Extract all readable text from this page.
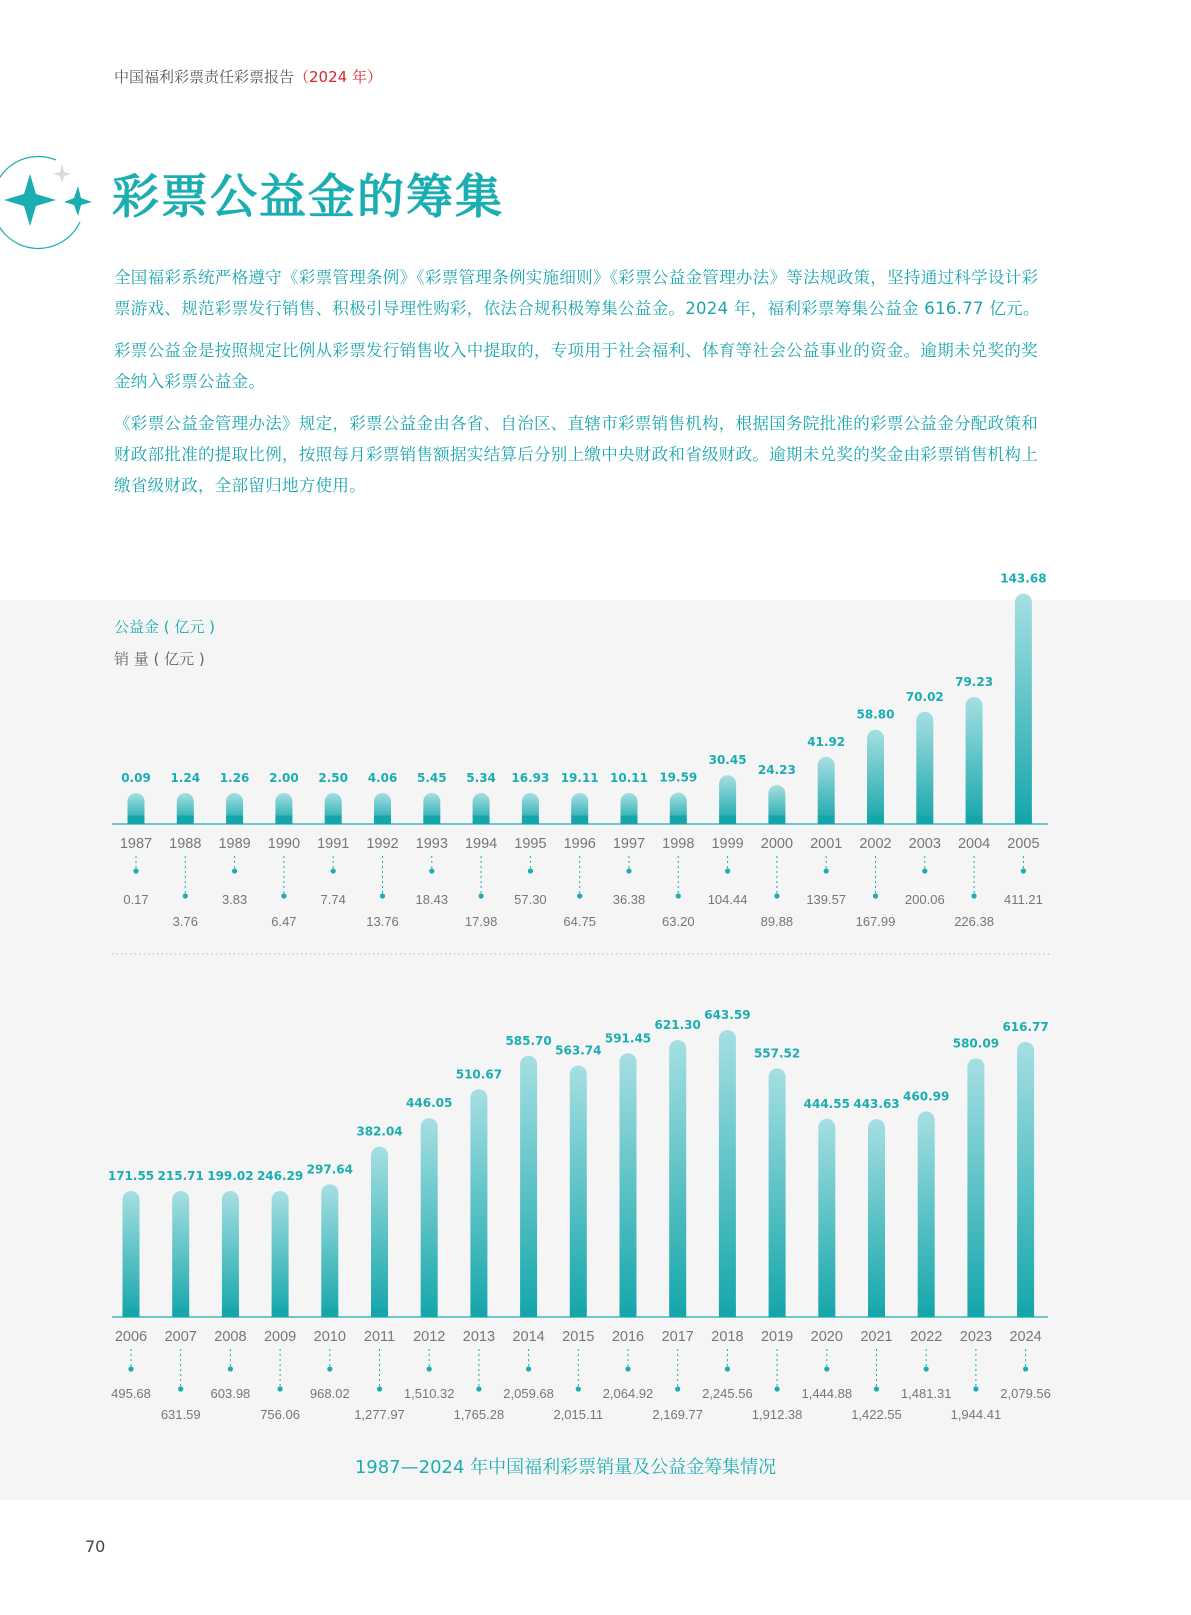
中国福利彩票责任彩票报告（2024 年）
彩票公益金的筹集

全国福彩系统严格遵守《彩票管理条例》《彩票管理条例实施细则》《彩票公益金管理办法》等法规政策，坚持通过科学设计彩票游戏、规范彩票发行销售、积极引导理性购彩，依法合规积极筹集公益金。2024 年，福利彩票筹集公益金 616.77 亿元。

彩票公益金是按照规定比例从彩票发行销售收入中提取的，专项用于社会福利、体育等社会公益事业的资金。逾期未兑奖的奖金纳入彩票公益金。

《彩票公益金管理办法》规定，彩票公益金由各省、自治区、直辖市彩票销售机构，根据国务院批准的彩票公益金分配政策和财政部批准的提取比例，按照每月彩票销售额据实结算后分别上缴中央财政和省级财政。逾期未兑奖的奖金由彩票销售机构上缴省级财政，全部留归地方使用。

公益金 ( 亿元 )
销 量 ( 亿元 )
0.09
1987
0.17
1.24
1988
3.76
1.26
1989
3.83
2.00
1990
6.47
2.50
1991
7.74
4.06
1992
13.76
5.45
1993
18.43
5.34
1994
17.98
16.93
1995
57.30
19.11
1996
64.75
10.11
1997
36.38
19.59
1998
63.20
30.45
1999
104.44
24.23
2000
89.88
41.92
2001
139.57
58.80
2002
167.99
70.02
2003
200.06
79.23
2004
226.38
143.68
2005
411.21
171.55
2006
495.68
215.71
2007
631.59
199.02
2008
603.98
246.29
2009
756.06
297.64
2010
968.02
382.04
2011
1,277.97
446.05
2012
1,510.32
510.67
2013
1,765.28
585.70
2014
2,059.68
563.74
2015
2,015.11
591.45
2016
2,064.92
621.30
2017
2,169.77
643.59
2018
2,245.56
557.52
2019
1,912.38
444.55
2020
1,444.88
443.63
2021
1,422.55
460.99
2022
1,481.31
580.09
2023
1,944.41
616.77
2024
2,079.56
1987—2024 年中国福利彩票销量及公益金筹集情况
70
